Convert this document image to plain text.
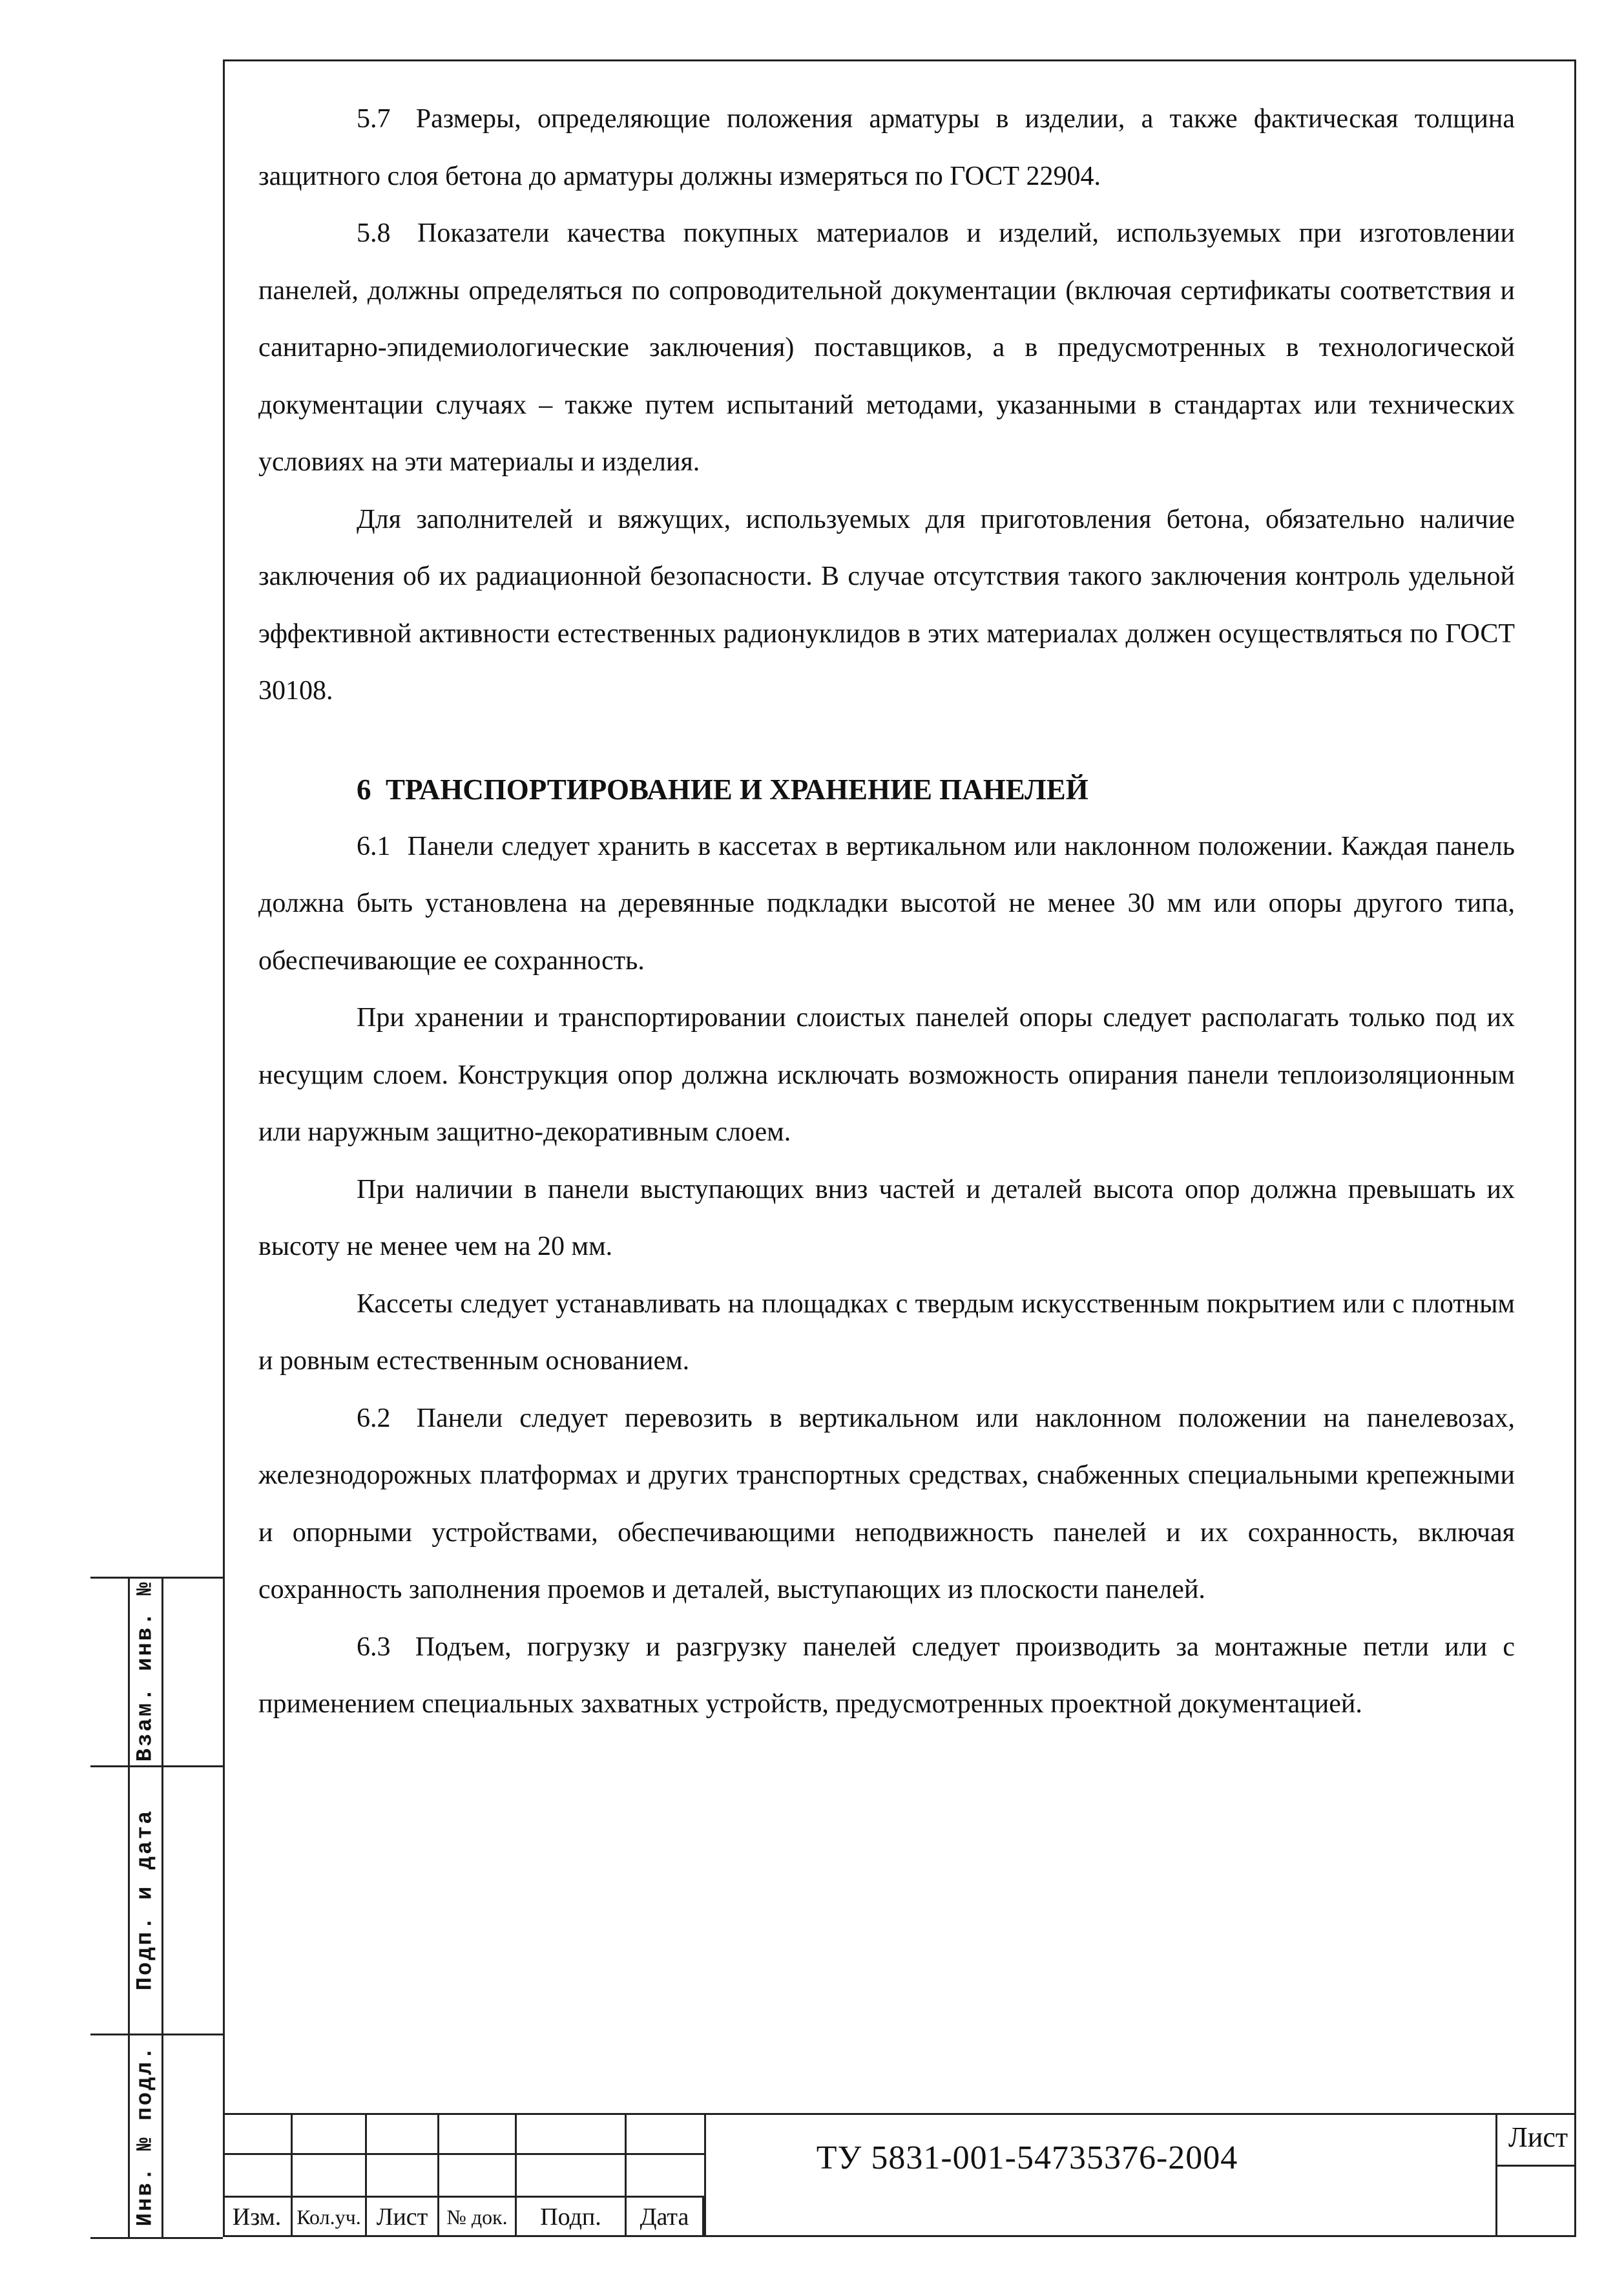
5.7 Размеры, определяющие положения арматуры в изделии, а также фактическая толщина защитного слоя бетона до арматуры должны измеряться по ГОСТ 22904.

5.8 Показатели качества покупных материалов и изделий, используемых при изготовлении панелей, должны определяться по сопроводительной документации (включая сертификаты соответствия и санитарно-эпидемиологические заключения) поставщиков, а в предусмотренных в технологической документации случаях – также путем испытаний методами, указанными в стандартах или технических условиях на эти материалы и изделия.

Для заполнителей и вяжущих, используемых для приготовления бетона, обязательно наличие заключения об их радиационной безопасности. В случае отсутствия такого заключения контроль удельной эффективной активности естественных радионуклидов в этих материалах должен осуществляться по ГОСТ 30108.

6 ТРАНСПОРТИРОВАНИЕ И ХРАНЕНИЕ ПАНЕЛЕЙ

6.1 Панели следует хранить в кассетах в вертикальном или наклонном положении. Каждая панель должна быть установлена на деревянные подкладки высотой не менее 30 мм или опоры другого типа, обеспечивающие ее сохранность.

При хранении и транспортировании слоистых панелей опоры следует располагать только под их несущим слоем. Конструкция опор должна исключать возможность опирания панели теплоизоляционным или наружным защитно-декоративным слоем.

При наличии в панели выступающих вниз частей и деталей высота опор должна превышать их высоту не менее чем на 20 мм.

Кассеты следует устанавливать на площадках с твердым искусственным покрытием или с плотным и ровным естественным основанием.

6.2 Панели следует перевозить в вертикальном или наклонном положении на панелевозах, железнодорожных платформах и других транспортных средствах, снабженных специальными крепежными и опорными устройствами, обеспечивающими неподвижность панелей и их сохранность, включая сохранность заполнения проемов и деталей, выступающих из плоскости панелей.

6.3 Подъем, погрузку и разгрузку панелей следует производить за монтажные петли или с применением специальных захватных устройств, предусмотренных проектной документацией.

Взам. инв. №
Подп. и дата
Инв. № подл.	Изм. Кол.уч. Лист № док. Подп. Дата
ТУ 5831-001-54735376-2004
Лист
